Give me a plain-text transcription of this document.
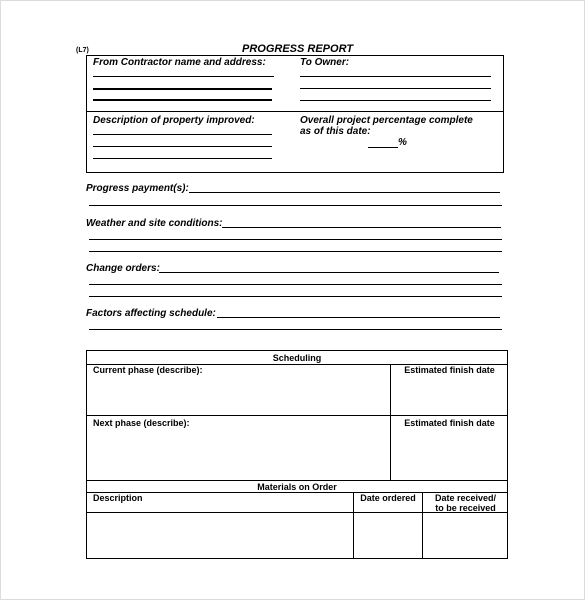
(L7)	PROGRESS REPORT
From Contractor name and address:	To Owner:
Description of property improved:	Overall project percentage complete
as of this date:
%
Progress payment(s):
Weather and site conditions:
Change orders:
Factors affecting schedule:
Scheduling
Current phase (describe):	Estimated finish date
Next phase (describe):	Estimated finish date
Materials on Order
Description	Date ordered	Date received/
to be received
